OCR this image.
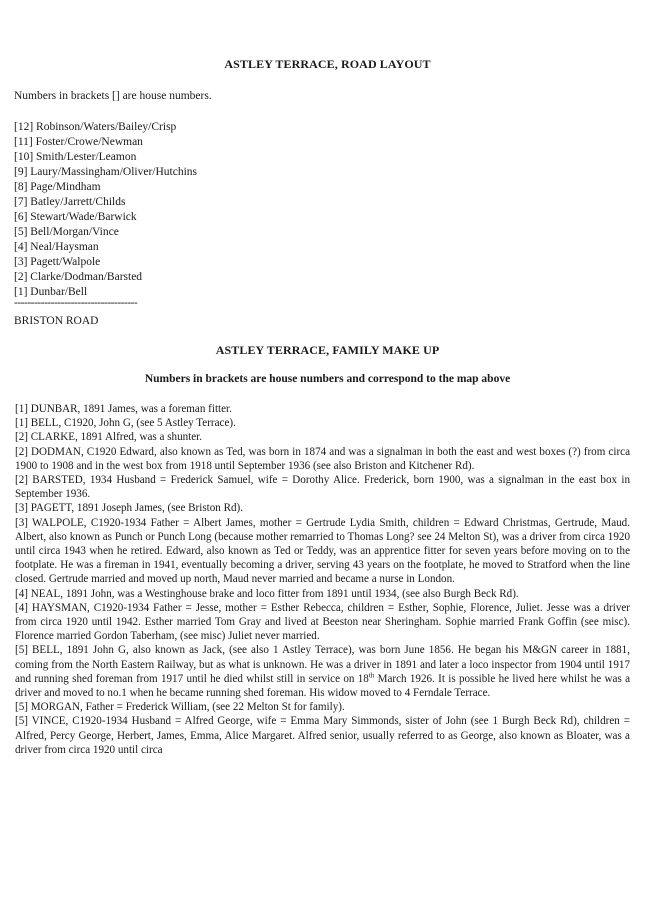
ASTLEY TERRACE, ROAD LAYOUT
Numbers in brackets [] are house numbers.
[12] Robinson/Waters/Bailey/Crisp
[11] Foster/Crowe/Newman
[10] Smith/Lester/Leamon
[9] Laury/Massingham/Oliver/Hutchins
[8] Page/Mindham
[7] Batley/Jarrett/Childs
[6] Stewart/Wade/Barwick
[5] Bell/Morgan/Vince
[4] Neal/Haysman
[3] Pagett/Walpole
[2] Clarke/Dodman/Barsted
[1] Dunbar/Bell
-------------------------------------
BRISTON ROAD
ASTLEY TERRACE, FAMILY MAKE UP
Numbers in brackets are house numbers and correspond to the map above

[1] DUNBAR, 1891 James, was a foreman fitter.

[1] BELL, C1920, John G, (see 5 Astley Terrace).

[2] CLARKE, 1891 Alfred, was a shunter.

[2] DODMAN, C1920 Edward, also known as Ted, was born in 1874 and was a signalman in both the east and west boxes (?) from circa 1900 to 1908 and in the west box from 1918 until September 1936 (see also Briston and Kitchener Rd).

[2] BARSTED, 1934 Husband = Frederick Samuel, wife = Dorothy Alice. Frederick, born 1900, was a signalman in the east box in September 1936.

[3] PAGETT, 1891 Joseph James, (see Briston Rd).

[3] WALPOLE, C1920-1934 Father = Albert James, mother = Gertrude Lydia Smith, children = Edward Christmas, Gertrude, Maud. Albert, also known as Punch or Punch Long (because mother remarried to Thomas Long? see 24 Melton St), was a driver from circa 1920 until circa 1943 when he retired. Edward, also known as Ted or Teddy, was an apprentice fitter for seven years before moving on to the footplate. He was a fireman in 1941, eventually becoming a driver, serving 43 years on the footplate, he moved to Stratford when the line closed. Gertrude married and moved up north, Maud never married and became a nurse in London.

[4] NEAL, 1891 John, was a Westinghouse brake and loco fitter from 1891 until 1934, (see also Burgh Beck Rd).

[4] HAYSMAN, C1920-1934 Father = Jesse, mother = Esther Rebecca, children = Esther, Sophie, Florence, Juliet. Jesse was a driver from circa 1920 until 1942. Esther married Tom Gray and lived at Beeston near Sheringham. Sophie married Frank Goffin (see misc). Florence married Gordon Taberham, (see misc) Juliet never married.

[5] BELL, 1891 John G, also known as Jack, (see also 1 Astley Terrace), was born June 1856. He began his M&GN career in 1881, coming from the North Eastern Railway, but as what is unknown. He was a driver in 1891 and later a loco inspector from 1904 until 1917 and running shed foreman from 1917 until he died whilst still in service on 18th March 1926. It is possible he lived here whilst he was a driver and moved to no.1 when he became running shed foreman. His widow moved to 4 Ferndale Terrace.

[5] MORGAN, Father = Frederick William, (see 22 Melton St for family).

[5] VINCE, C1920-1934 Husband = Alfred George, wife = Emma Mary Simmonds, sister of John (see 1 Burgh Beck Rd), children = Alfred, Percy George, Herbert, James, Emma, Alice Margaret. Alfred senior, usually referred to as George, also known as Bloater, was a driver from circa 1920 until circa
